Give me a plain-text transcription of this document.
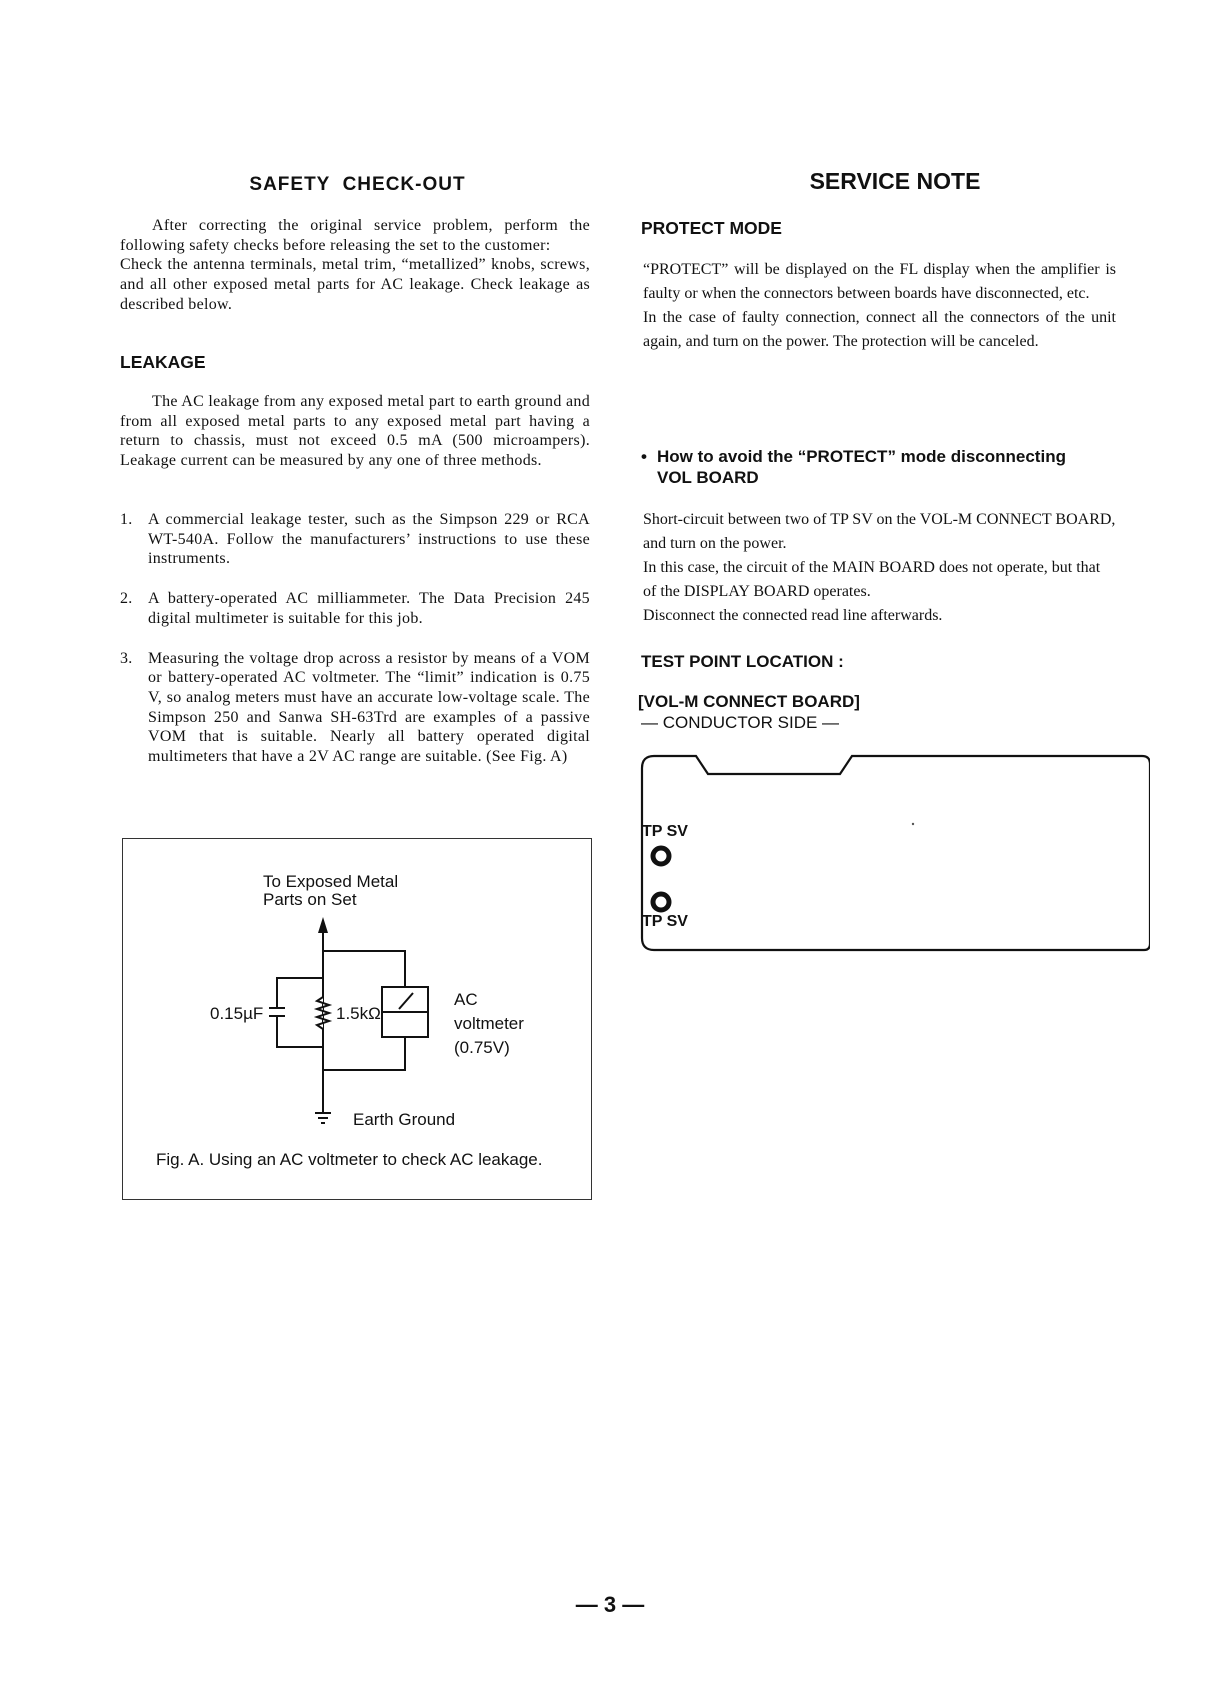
SAFETY  CHECK-OUT
After correcting the original service problem, perform the following safety checks before releasing the set to the customer:
Check the antenna terminals, metal trim, “metallized” knobs, screws, and all other exposed metal parts for AC leakage. Check leakage as described below.
LEAKAGE
The AC leakage from any exposed metal part to earth ground and from all exposed metal parts to any exposed metal part having a return to chassis, must not exceed 0.5 mA (500 microampers). Leakage current can be measured by any one of three methods.
1. A commercial leakage tester, such as the Simpson 229 or RCA WT-540A. Follow the manufacturers’ instructions to use these instruments.
2. A battery-operated AC milliammeter. The Data Precision 245 digital multimeter is suitable for this job.
3. Measuring the voltage drop across a resistor by means of a VOM or battery-operated AC voltmeter. The “limit” indication is 0.75 V, so analog meters must have an accurate low-voltage scale. The Simpson 250 and Sanwa SH-63Trd are examples of a passive VOM that is suitable. Nearly all battery operated digital multimeters that have a 2V AC range are suitable. (See Fig. A)
To Exposed Metal
Parts on Set
0.15µF	1.5kΩ
AC
voltmeter
(0.75V)
Earth Ground
Fig. A. Using an AC voltmeter to check AC leakage.
SERVICE NOTE
PROTECT MODE
“PROTECT” will be displayed on the FL display when the amplifier is faulty or when the connectors between boards have disconnected, etc.
In the case of faulty connection, connect all the connectors of the unit again, and turn on the power. The protection will be canceled.
• How to avoid the “PROTECT” mode disconnecting
VOL BOARD
Short-circuit between two of TP SV on the VOL-M CONNECT BOARD, and turn on the power.
In this case, the circuit of the MAIN BOARD does not operate, but that of the DISPLAY BOARD operates.
Disconnect the connected read line afterwards.
TEST POINT LOCATION :
[VOL-M CONNECT BOARD]
— CONDUCTOR SIDE —
TP SV
TP SV
— 3 —
